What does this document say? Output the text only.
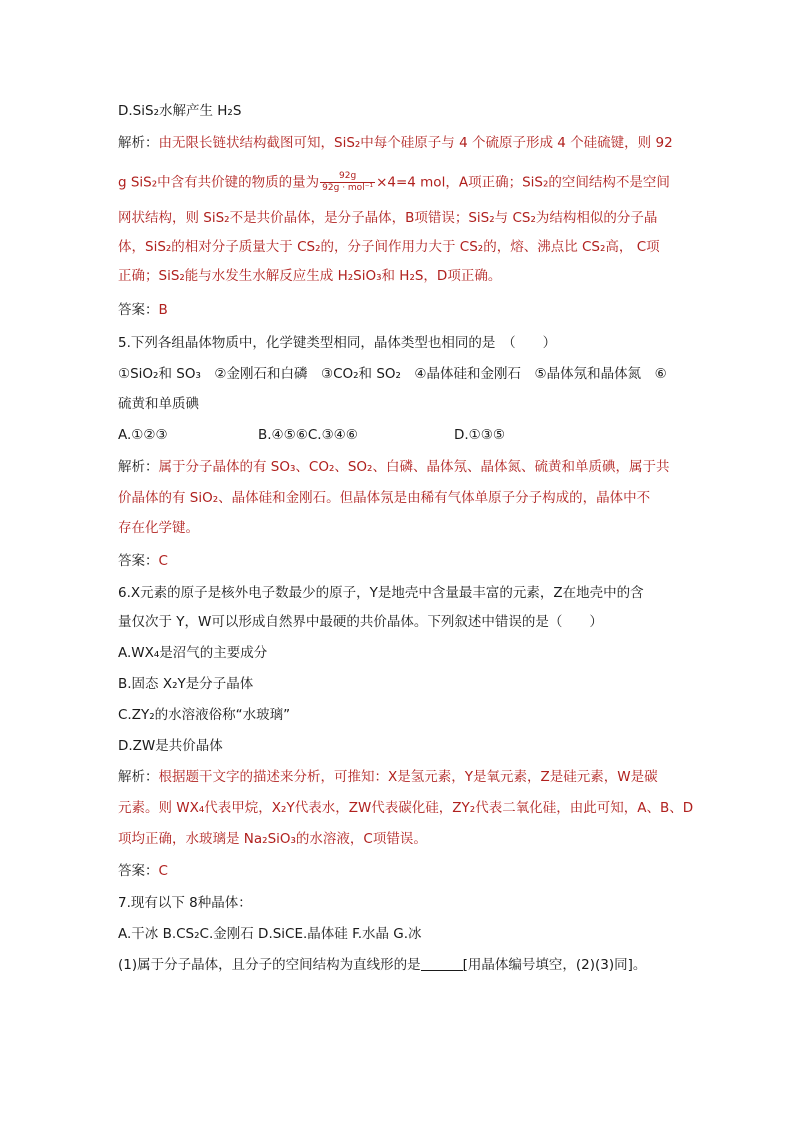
D.SiS₂水解产生 H₂S
解析：由无限长链状结构截图可知，SiS₂中每个硅原子与 4 个硫原子形成 4 个硅硫键，则 92
g SiS₂中含有共价键的物质的量为 $\frac{92g}{\text{92g · mol⁻¹}} \times 4=4$ mol，A项正确；SiS₂的空间结构不是空间
网状结构，则 SiS₂不是共价晶体，是分子晶体，B项错误；SiS₂与 CS₂为结构相似的分子晶
体，SiS₂的相对分子质量大于 CS₂的，分子间作用力大于 CS₂的，熔、沸点比 CS₂高， C项
正确；SiS₂能与水发生水解反应生成 H₂SiO₃和 H₂S，D项正确。
答案：B
5.下列各组晶体物质中，化学键类型相同，晶体类型也相同的是　（　　）
①SiO₂和 SO₃　②金刚石和白磷　③CO₂和 SO₂　④晶体硅和金刚石　⑤晶体氖和晶体氮　⑥
硫黄和单质碘
A.①②③	B.④⑤⑥C.③④⑥	D.①③⑤
解析：属于分子晶体的有 SO₃、CO₂、SO₂、白磷、晶体氖、晶体氮、硫黄和单质碘，属于共
价晶体的有 SiO₂、晶体硅和金刚石。但晶体氖是由稀有气体单原子分子构成的，晶体中不
存在化学键。
答案：C
6.X元素的原子是核外电子数最少的原子，Y是地壳中含量最丰富的元素，Z在地壳中的含
量仅次于 Y，W可以形成自然界中最硬的共价晶体。下列叙述中错误的是（　　）
A.WX₄是沼气的主要成分
B.固态 X₂Y是分子晶体
C.ZY₂的水溶液俗称“水玻璃”
D.ZW是共价晶体
解析：根据题干文字的描述来分析，可推知：X是氢元素，Y是氧元素，Z是硅元素，W是碳
元素。则 WX₄代表甲烷，X₂Y代表水，ZW代表碳化硅，ZY₂代表二氧化硅，由此可知，A、B、D
项均正确，水玻璃是 Na₂SiO₃的水溶液，C项错误。
答案：C
7.现有以下 8种晶体：
A.干冰 B.CS₂C.金刚石 D.SiCE.晶体硅 F.水晶 G.冰
(1)属于分子晶体，且分子的空间结构为直线形的是	[用晶体编号填空，(2)(3)同]。
